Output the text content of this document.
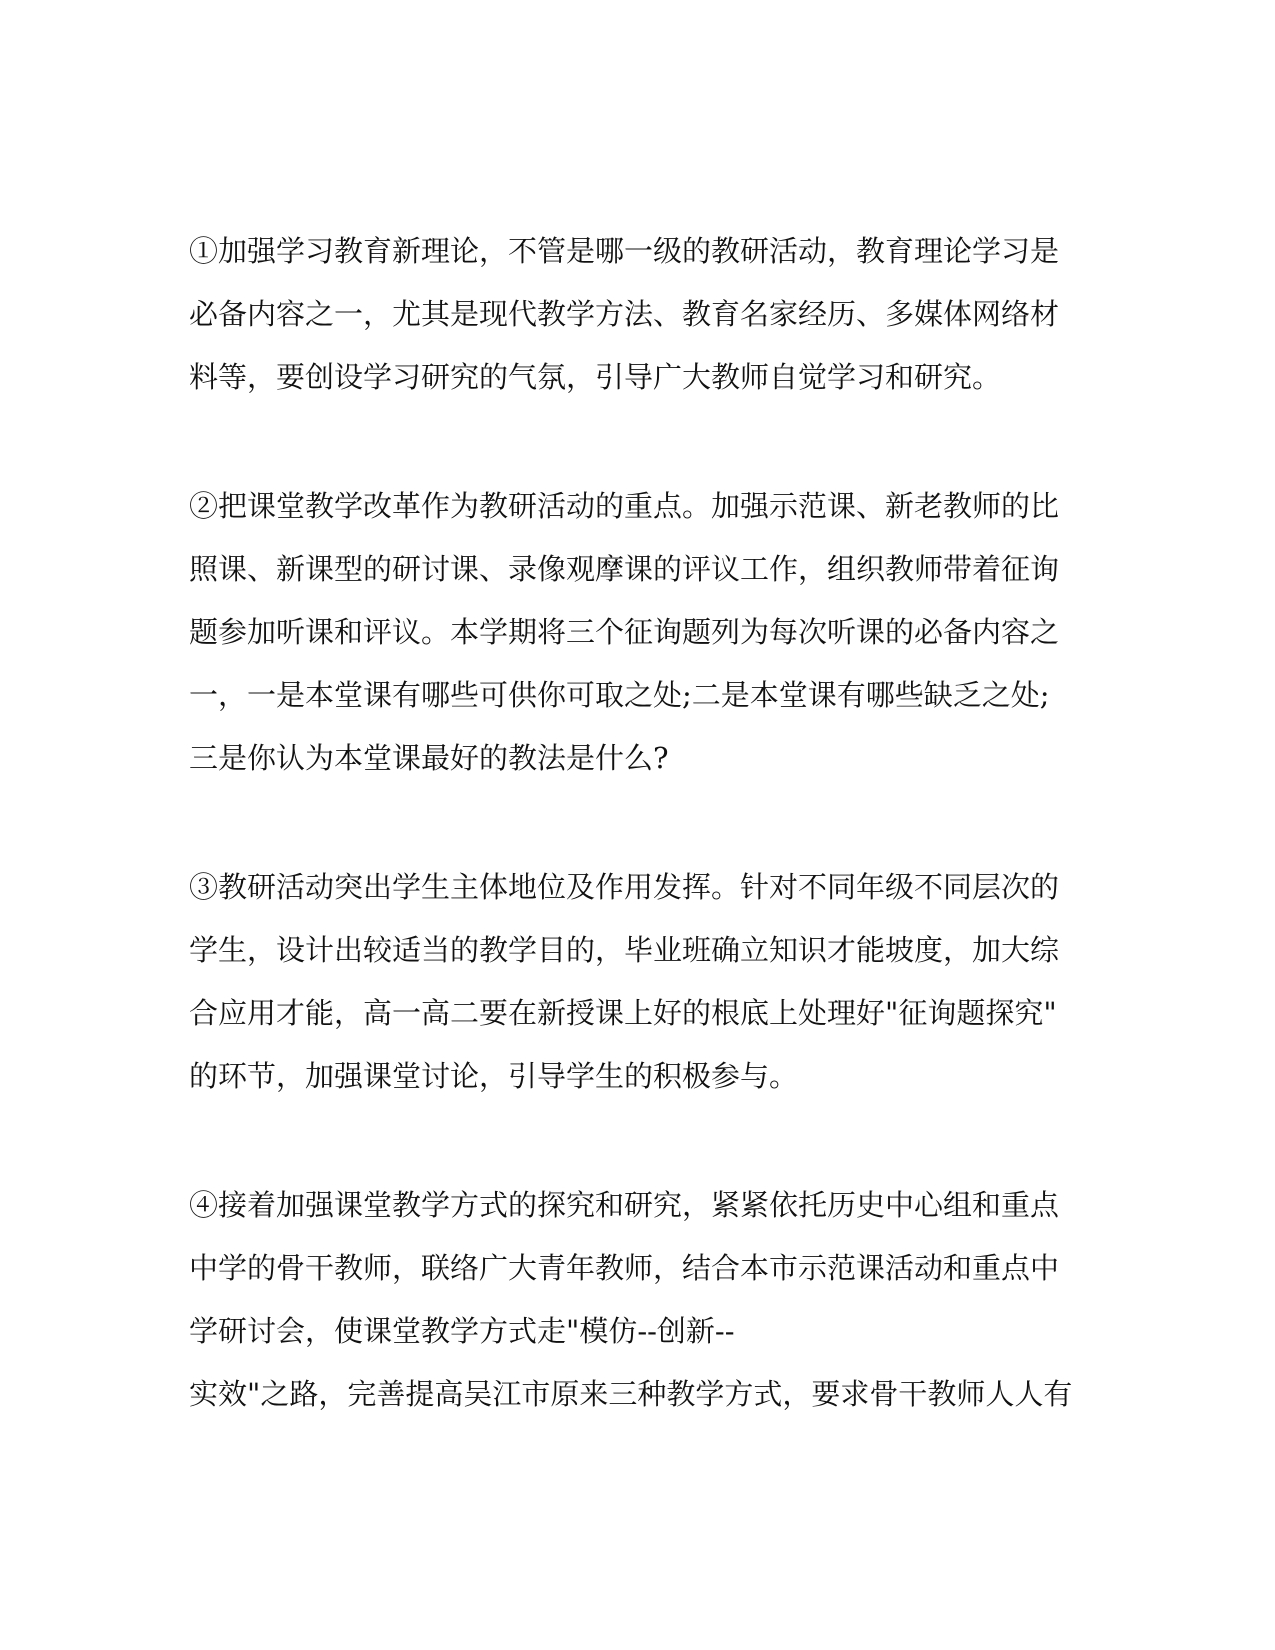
①加强学习教育新理论，不管是哪一级的教研活动，教育理论学习是
必备内容之一，尤其是现代教学方法、教育名家经历、多媒体网络材
料等，要创设学习研究的气氛，引导广大教师自觉学习和研究。
②把课堂教学改革作为教研活动的重点。加强示范课、新老教师的比
照课、新课型的研讨课、录像观摩课的评议工作，组织教师带着征询
题参加听课和评议。本学期将三个征询题列为每次听课的必备内容之
一，一是本堂课有哪些可供你可取之处;二是本堂课有哪些缺乏之处;
三是你认为本堂课最好的教法是什么?
③教研活动突出学生主体地位及作用发挥。针对不同年级不同层次的
学生，设计出较适当的教学目的，毕业班确立知识才能坡度，加大综
合应用才能，高一高二要在新授课上好的根底上处理好"征询题探究"
的环节，加强课堂讨论，引导学生的积极参与。
④接着加强课堂教学方式的探究和研究，紧紧依托历史中心组和重点
中学的骨干教师，联络广大青年教师，结合本市示范课活动和重点中
学研讨会，使课堂教学方式走"模仿--创新--
实效"之路，完善提高吴江市原来三种教学方式，要求骨干教师人人有
